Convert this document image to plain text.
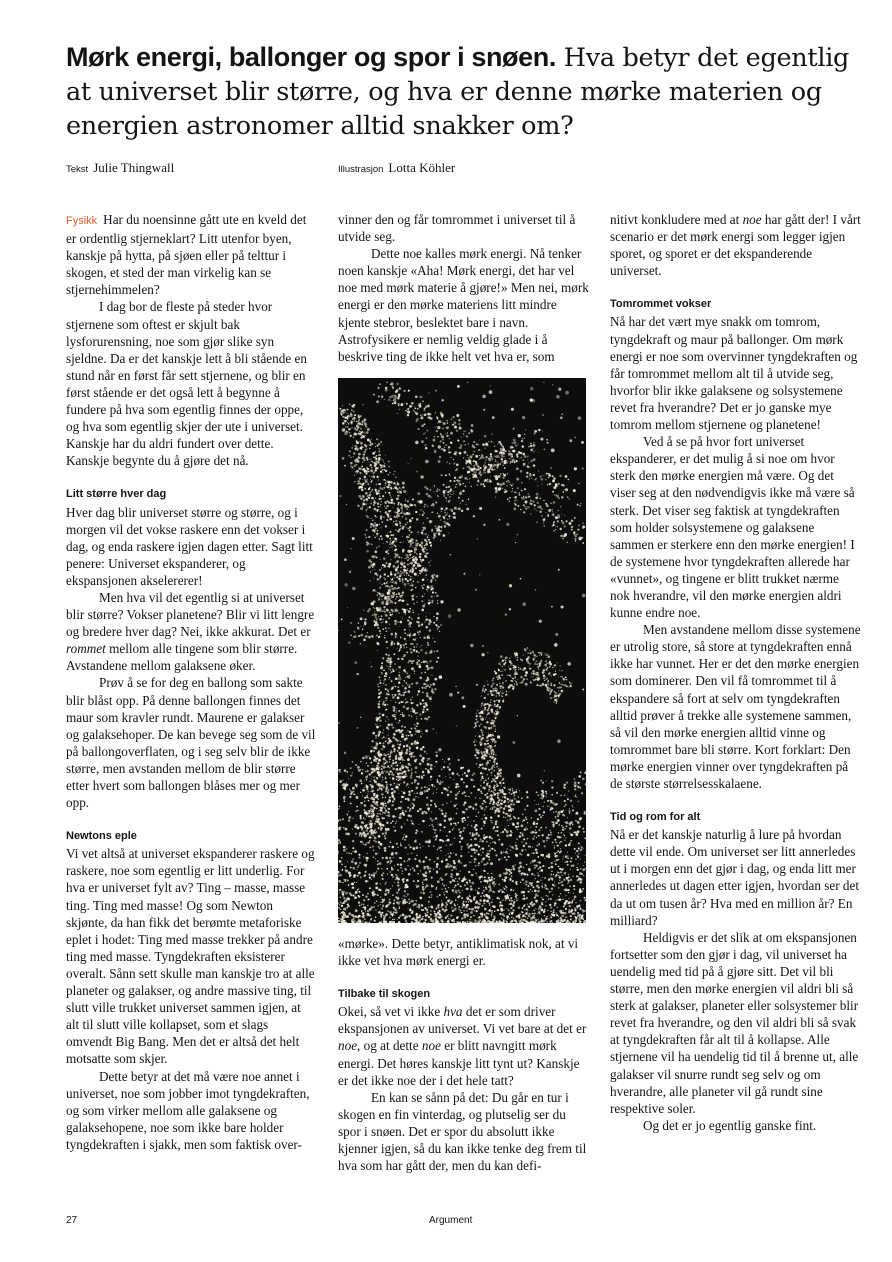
Mørk energi, ballonger og spor i snøen. Hva betyr det egentlig at universet blir større, og hva er denne mørke materien og energien astronomer alltid snakker om?
Tekst Julie Thingwall	Illustrasjon Lotta Köhler

Fysikk Har du noensinne gått ute en kveld det er ordentlig stjerneklart? Litt utenfor byen, kanskje på hytta, på sjøen eller på telttur i skogen, et sted der man virkelig kan se stjernehimmelen?

I dag bor de fleste på steder hvor stjernene som oftest er skjult bak lysforurensning, noe som gjør slike syn sjeldne. Da er det kanskje lett å bli stående en stund når en først får sett stjernene, og blir en først stående er det også lett å begynne å fundere på hva som egentlig finnes der oppe, og hva som egentlig skjer der ute i universet. Kanskje har du aldri fundert over dette. Kanskje begynte du å gjøre det nå.

Litt større hver dag

Hver dag blir universet større og større, og i morgen vil det vokse raskere enn det vokser i dag, og enda raskere igjen dagen etter. Sagt litt penere: Universet ekspanderer, og ekspansjonen akselererer!

Men hva vil det egentlig si at universet blir større? Vokser planetene? Blir vi litt lengre og bredere hver dag? Nei, ikke akkurat. Det er rommet mellom alle tingene som blir større. Avstandene mellom galaksene øker.

Prøv å se for deg en ballong som sakte blir blåst opp. På denne ballongen finnes det maur som kravler rundt. Maurene er galakser og galaksehoper. De kan bevege seg som de vil på ballongoverflaten, og i seg selv blir de ikke større, men avstanden mellom de blir større etter hvert som ballongen blåses mer og mer opp.

Newtons eple

Vi vet altså at universet ekspanderer raskere og raskere, noe som egentlig er litt underlig. For hva er universet fylt av? Ting – masse, masse ting. Ting med masse! Og som Newton skjønte, da han fikk det berømte metaforiske eplet i hodet: Ting med masse trekker på andre ting med masse. Tyngdekraften eksisterer overalt. Sånn sett skulle man kanskje tro at alle planeter og galakser, og andre massive ting, til slutt ville trukket universet sammen igjen, at alt til slutt ville kollapset, som et slags omvendt Big Bang. Men det er altså det helt motsatte som skjer.

Dette betyr at det må være noe annet i universet, noe som jobber imot tyngdekraften, og som virker mellom alle galaksene og galaksehopene, noe som ikke bare holder tyngdekraften i sjakk, men som faktisk over-

vinner den og får tomrommet i universet til å utvide seg.

Dette noe kalles mørk energi. Nå tenker noen kanskje «Aha! Mørk energi, det har vel noe med mørk materie å gjøre!» Men nei, mørk energi er den mørke materiens litt mindre kjente stebror, beslektet bare i navn. Astrofysikere er nemlig veldig glade i å beskrive ting de ikke helt vet hva er, som

«mørke». Dette betyr, antiklimatisk nok, at vi ikke vet hva mørk energi er.

Tilbake til skogen

Okei, så vet vi ikke hva det er som driver ekspansjonen av universet. Vi vet bare at det er noe, og at dette noe er blitt navngitt mørk energi. Det høres kanskje litt tynt ut? Kanskje er det ikke noe der i det hele tatt?

En kan se sånn på det: Du går en tur i skogen en fin vinterdag, og plutselig ser du spor i snøen. Det er spor du absolutt ikke kjenner igjen, så du kan ikke tenke deg frem til hva som har gått der, men du kan defi-

nitivt konkludere med at noe har gått der! I vårt scenario er det mørk energi som legger igjen sporet, og sporet er det ekspanderende universet.

Tomrommet vokser

Nå har det vært mye snakk om tomrom, tyngdekraft og maur på ballonger. Om mørk energi er noe som overvinner tyngdekraften og får tomrommet mellom alt til å utvide seg, hvorfor blir ikke galaksene og solsystemene revet fra hverandre? Det er jo ganske mye tomrom mellom stjernene og planetene!

Ved å se på hvor fort universet ekspanderer, er det mulig å si noe om hvor sterk den mørke energien må være. Og det viser seg at den nødvendigvis ikke må være så sterk. Det viser seg faktisk at tyngdekraften som holder solsystemene og galaksene sammen er sterkere enn den mørke energien! I de systemene hvor tyngdekraften allerede har «vunnet», og tingene er blitt trukket nærme nok hverandre, vil den mørke energien aldri kunne endre noe.

Men avstandene mellom disse systemene er utrolig store, så store at tyngdekraften ennå ikke har vunnet. Her er det den mørke energien som dominerer. Den vil få tomrommet til å ekspandere så fort at selv om tyngdekraften alltid prøver å trekke alle systemene sammen, så vil den mørke energien alltid vinne og tomrommet bare bli større. Kort forklart: Den mørke energien vinner over tyngdekraften på de største størrelsesskalaene.

Tid og rom for alt

Nå er det kanskje naturlig å lure på hvordan dette vil ende. Om universet ser litt annerledes ut i morgen enn det gjør i dag, og enda litt mer annerledes ut dagen etter igjen, hvordan ser det da ut om tusen år? Hva med en million år? En milliard?

Heldigvis er det slik at om ekspansjonen fortsetter som den gjør i dag, vil universet ha uendelig med tid på å gjøre sitt. Det vil bli større, men den mørke energien vil aldri bli så sterk at galakser, planeter eller solsystemer blir revet fra hverandre, og den vil aldri bli så svak at tyngdekraften får alt til å kollapse. Alle stjernene vil ha uendelig tid til å brenne ut, alle galakser vil snurre rundt seg selv og om hverandre, alle planeter vil gå rundt sine respektive soler.

Og det er jo egentlig ganske fint.

27	Argument
